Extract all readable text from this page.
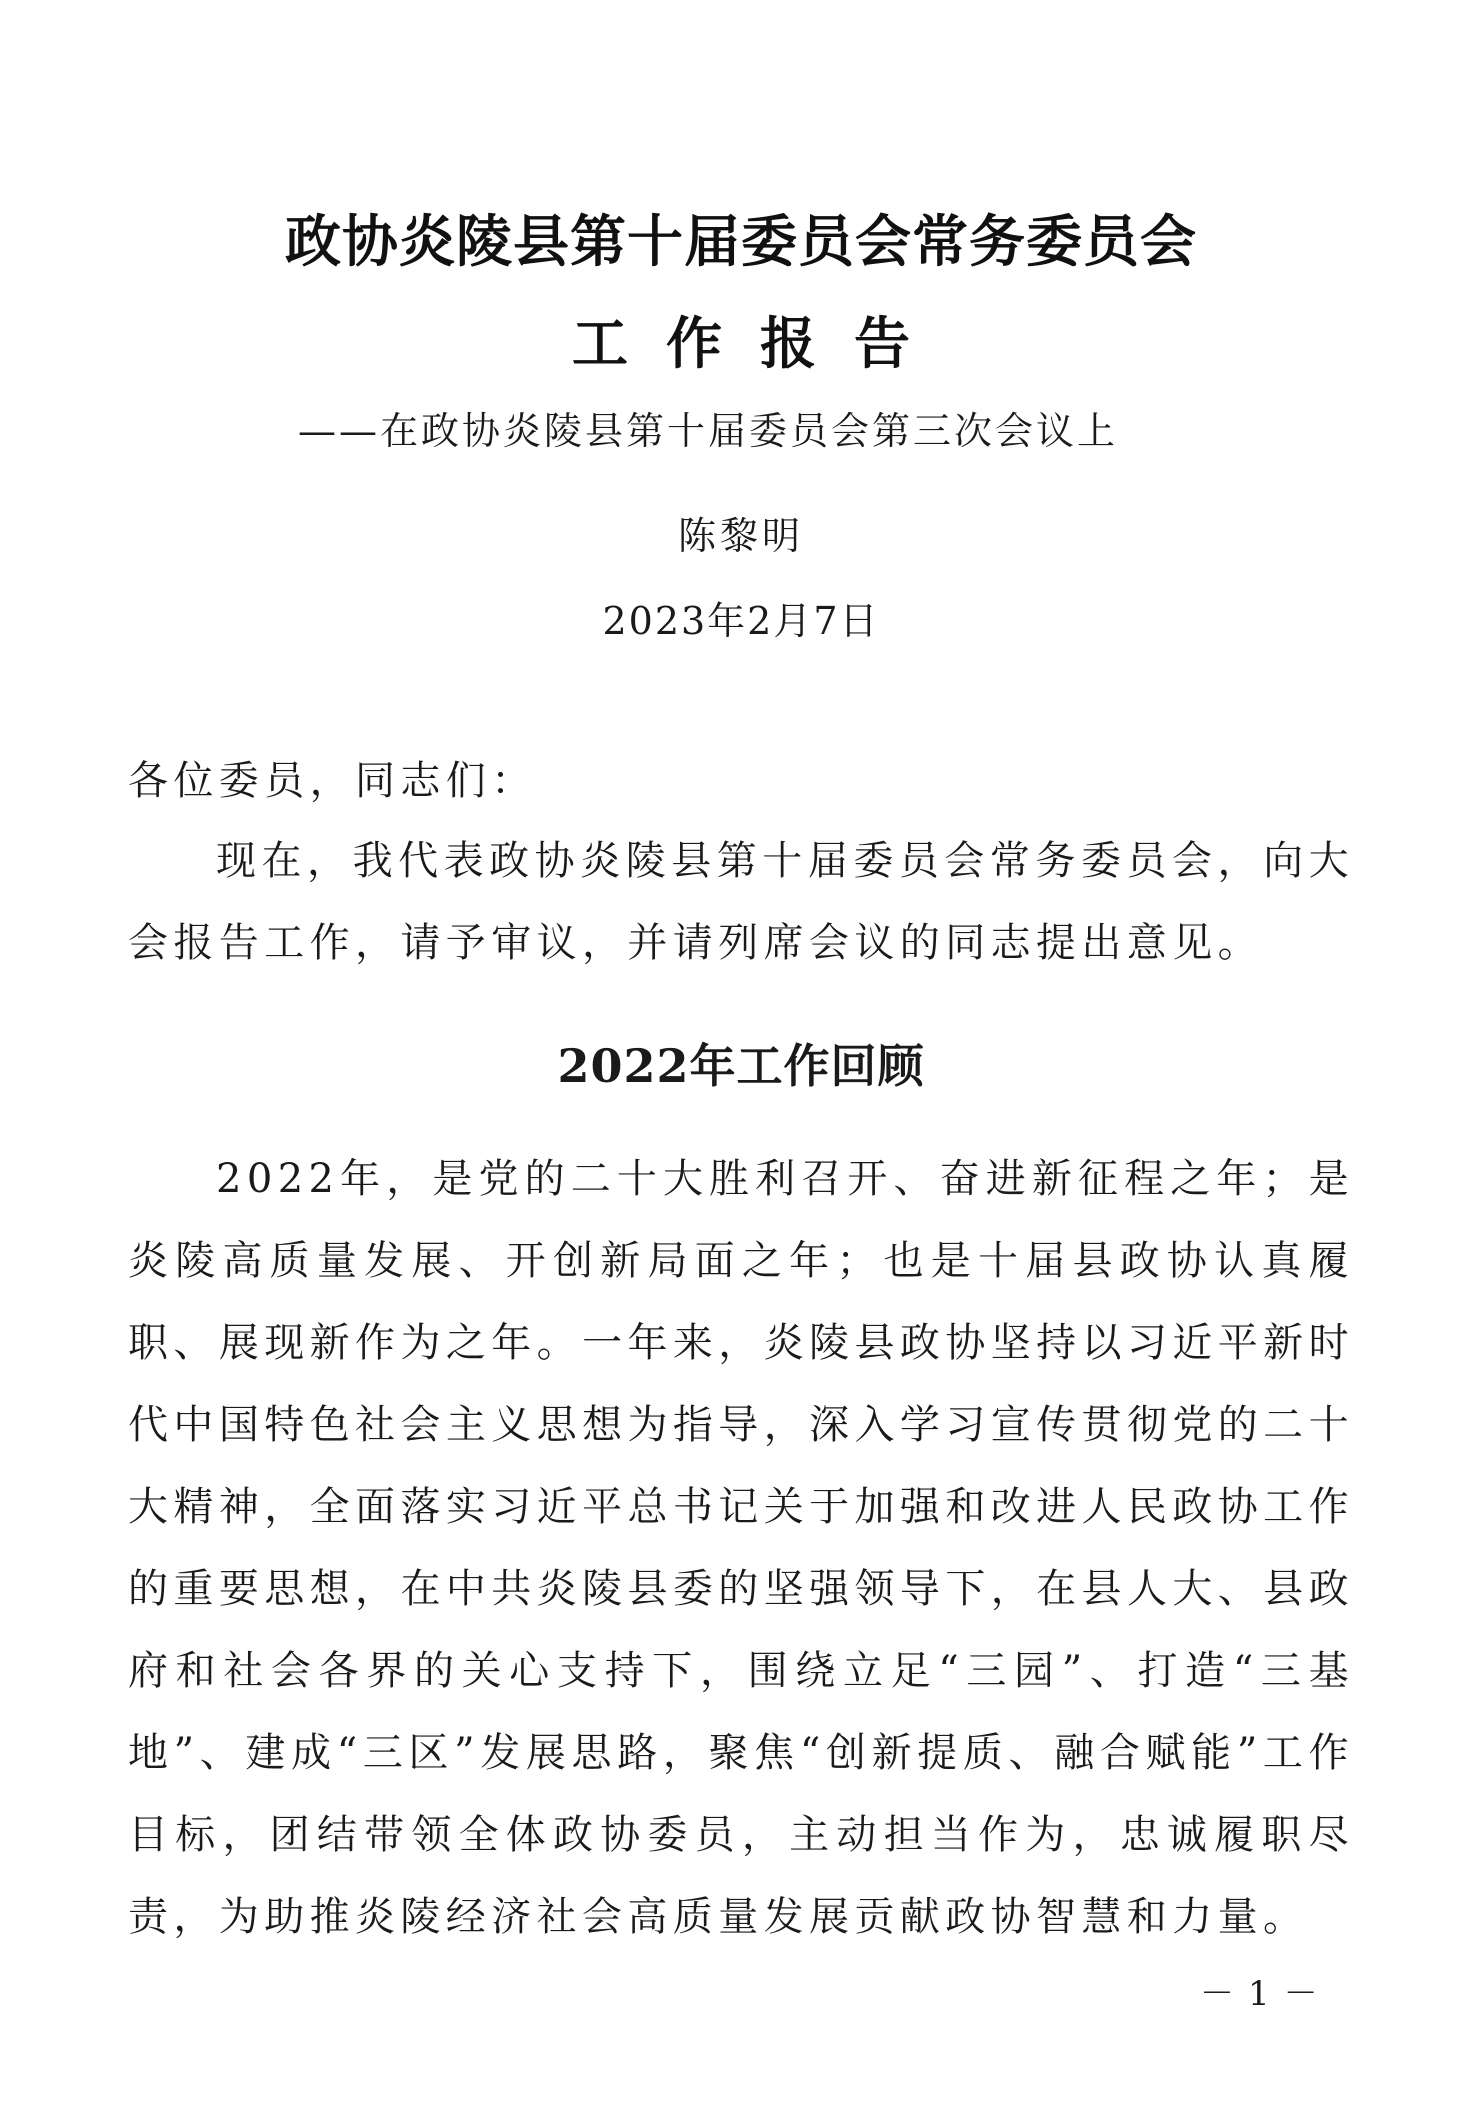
政协炎陵县第十届委员会常务委员会
工作报告
——在政协炎陵县第十届委员会第三次会议上
陈黎明
2023年2月7日

各位委员，同志们：

现在，我代表政协炎陵县第十届委员会常务委员会，向大会报告工作，请予审议，并请列席会议的同志提出意见。

2022年工作回顾

2022年，是党的二十大胜利召开、奋进新征程之年；是炎陵高质量发展、开创新局面之年；也是十届县政协认真履职、展现新作为之年。一年来，炎陵县政协坚持以习近平新时代中国特色社会主义思想为指导，深入学习宣传贯彻党的二十大精神，全面落实习近平总书记关于加强和改进人民政协工作的重要思想，在中共炎陵县委的坚强领导下，在县人大、县政府和社会各界的关心支持下，围绕立足“三园”、打造“三基地”、建成“三区”发展思路，聚焦“创新提质、融合赋能”工作目标，团结带领全体政协委员，主动担当作为，忠诚履职尽责，为助推炎陵经济社会高质量发展贡献政协智慧和力量。

－1－
